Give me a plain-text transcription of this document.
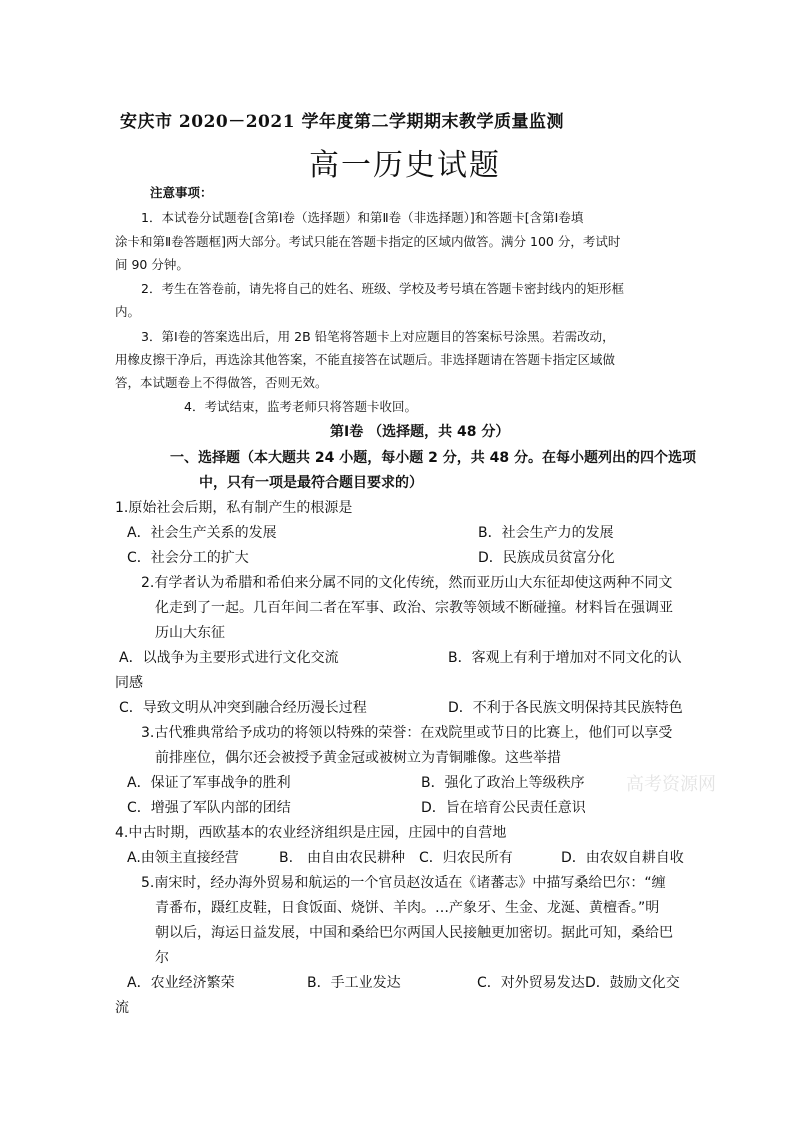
安庆市 2020－2021 学年度第二学期期末教学质量监测
高一历史试题
注意事项：
1．本试卷分试题卷[含第Ⅰ卷（选择题）和第Ⅱ卷（非选择题）]和答题卡[含第Ⅰ卷填
涂卡和第Ⅱ卷答题框]两大部分。考试只能在答题卡指定的区域内做答。满分 100 分，考试时
间 90 分钟。
2．考生在答卷前，请先将自己的姓名、班级、学校及考号填在答题卡密封线内的矩形框
内。
3．第Ⅰ卷的答案选出后，用 2B 铅笔将答题卡上对应题目的答案标号涂黑。若需改动，
用橡皮擦干净后，再选涂其他答案，不能直接答在试题后。非选择题请在答题卡指定区域做
答，本试题卷上不得做答，否则无效。
4．考试结束，监考老师只将答题卡收回。
第Ⅰ卷 （选择题，共 48 分）
一、选择题（本大题共 24 小题，每小题 2 分，共 48 分。在每小题列出的四个选项
中，只有一项是最符合题目要求的）
1.原始社会后期，私有制产生的根源是
A．社会生产关系的发展	B．社会生产力的发展
C．社会分工的扩大	D．民族成员贫富分化
2.有学者认为希腊和希伯来分属不同的文化传统，然而亚历山大东征却使这两种不同文
化走到了一起。几百年间二者在军事、政治、宗教等领域不断碰撞。材料旨在强调亚
历山大东征
A．以战争为主要形式进行文化交流	B．客观上有利于增加对不同文化的认
同感
C．导致文明从冲突到融合经历漫长过程	D．不利于各民族文明保持其民族特色
3.古代雅典常给予成功的将领以特殊的荣誉：在戏院里或节日的比赛上，他们可以享受
前排座位，偶尔还会被授予黄金冠或被树立为青铜雕像。这些举措
A．保证了军事战争的胜利	B．强化了政治上等级秩序
C．增强了军队内部的团结	D．旨在培育公民责任意识
高考资源网
4.中古时期，西欧基本的农业经济组织是庄园，庄园中的自营地
A.由领主直接经营	B.　由自由农民耕种 C．归农民所有	D．由农奴自耕自收
5.南宋时，经办海外贸易和航运的一个官员赵汝适在《诸蕃志》中描写桑给巴尔：“缠
青番布，蹑红皮鞋，日食饭面、烧饼、羊肉。…产象牙、生金、龙涎、黄檀香。”明
朝以后，海运日益发展，中国和桑给巴尔两国人民接触更加密切。据此可知，桑给巴
尔
A．农业经济繁荣	B．手工业发达	C．对外贸易发达 D．鼓励文化交
流
